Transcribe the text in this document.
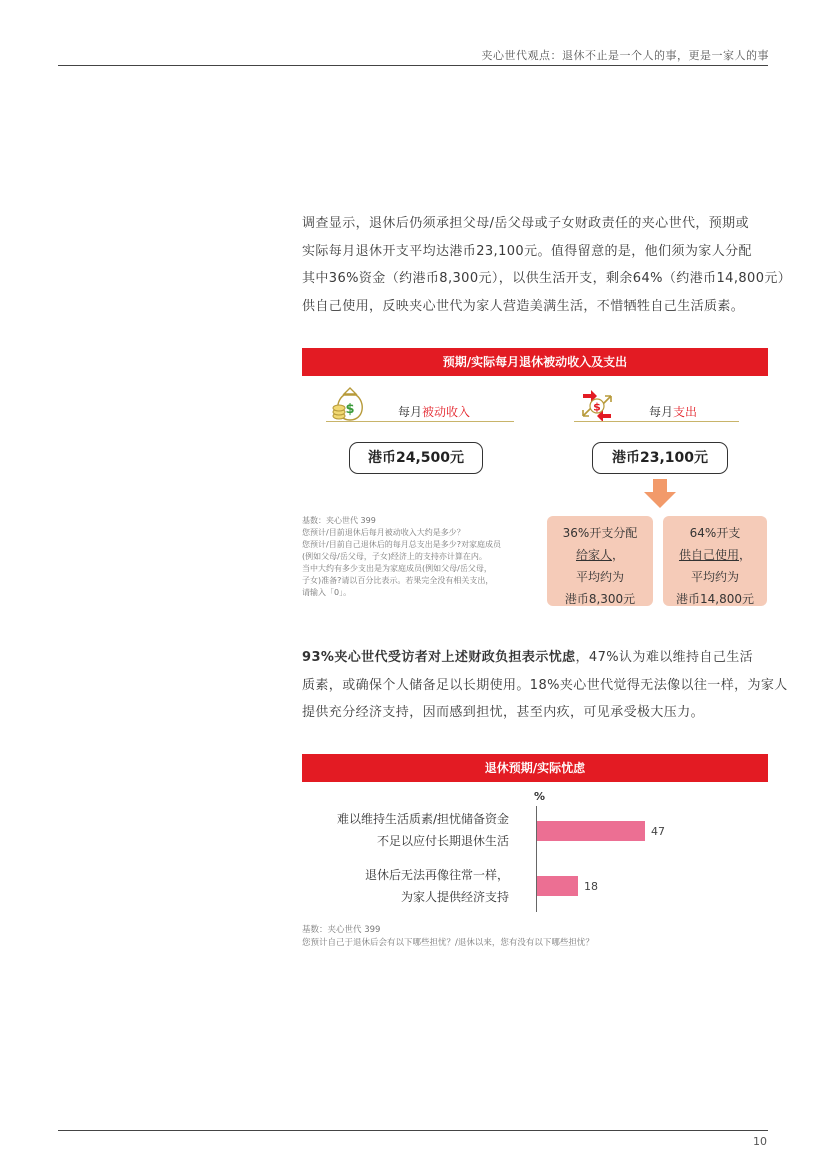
夹心世代观点：退休不止是一个人的事，更是一家人的事

调查显示，退休后仍须承担父母/岳父母或子女财政责任的夹心世代，预期或

实际每月退休开支平均达港币23,100元。值得留意的是，他们须为家人分配

其中36%资金（约港币8,300元），以供生活开支，剩余64%（约港币14,800元）

供自己使用，反映夹心世代为家人营造美满生活，不惜牺牲自己生活质素。

预期/实际每月退休被动收入及支出
$	每月被动收入
港币24,500元
$	每月支出
港币23,100元

基数：夹心世代 399

您预计/目前退休后每月被动收入大约是多少？

您预计/目前自己退休后的每月总支出是多少?对家庭成员

(例如父母/岳父母，子女)经济上的支持亦计算在内。

当中大约有多少支出是为家庭成员(例如父母/岳父母，

子女)准备?请以百分比表示。若果完全没有相关支出，

请输入「0」。

36%开支分配
给家人，
平均约为
港币8,300元
64%开支
供自己使用，
平均约为
港币14,800元

93%夹心世代受访者对上述财政负担表示忧虑，47%认为难以维持自己生活

质素，或确保个人储备足以长期使用。18%夹心世代觉得无法像以往一样，为家人

提供充分经济支持，因而感到担忧，甚至内疚，可见承受极大压力。

退休预期/实际忧虑
%
难以维持生活质素/担忧储备资金
不足以应付长期退休生活
退休后无法再像往常一样，
为家人提供经济支持
47
18

基数：夹心世代 399

您预计自己于退休后会有以下哪些担忧？/退休以来，您有没有以下哪些担忧？

10
